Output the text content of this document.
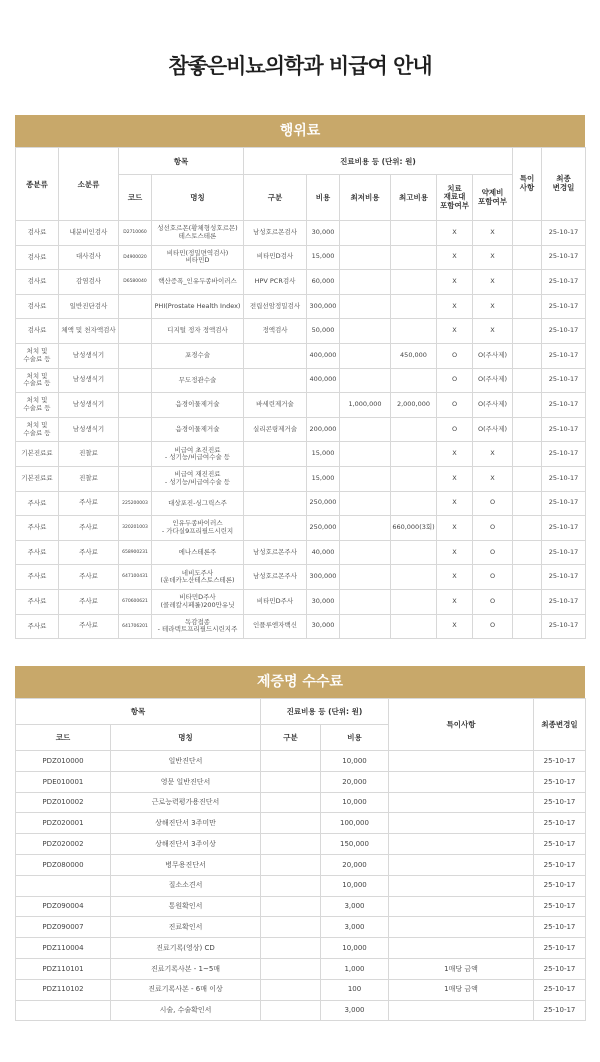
참좋은비뇨의학과 비급여 안내
행위료
종분류	소분류	항목		진료비용 등 (단위: 원)						특이
사항	최종
변경일
		코드	명칭	구분	비용	최저비용	최고비용	치료
재료대
포함여부	약제비
포함여부		
검사료	내분비인검사	D2710060	성선호르몬(황체형성호르몬)
테스토스테론	남성호르몬검사	30,000			X	X		25-10-17
검사료	대사검사	D4900020	비타민(정밀면역검사)
비타민D	비타민D검사	15,000			X	X		25-10-17
검사료	감염검사	D6580040	핵산증폭_인유두종바이러스	HPV PCR검사	60,000			X	X		25-10-17
검사료	일반진단검사		PHI(Prostate Health Index)	전립선암정밀검사	300,000			X	X		25-10-17
검사료	체액 및 천자액검사		디지털 정자 정액검사	정액검사	50,000			X	X		25-10-17
처치 및
수술료 등	남성생식기		포경수술		400,000		450,000	O	O(주사제)		25-10-17
처치 및
수술료 등	남성생식기		무도정관수술		400,000			O	O(주사제)		25-10-17
처치 및
수술료 등	남성생식기		음경이물제거술	바세린제거술		1,000,000	2,000,000	O	O(주사제)		25-10-17
처치 및
수술료 등	남성생식기		음경이물제거술	실리콘링제거술	200,000			O	O(주사제)		25-10-17
기본진료료	진찰료		비급여 초진진료
- 성기능/비급여수술 등		15,000			X	X		25-10-17
기본진료료	진찰료		비급여 재진진료
- 성기능/비급여수술 등		15,000			X	X		25-10-17
주사료	주사료	225200003	대상포진-싱그릭스주		250,000			X	O		25-10-17
주사료	주사료	320201003	인유두종바이러스
- 가다실9프리필드시린지		250,000		660,000(3회)	X	O		25-10-17
주사료	주사료	658900231	에나스테론주	남성호르몬주사	40,000			X	O		25-10-17
주사료	주사료	647100431	네비도주사
(운데카노산테스토스테론)	남성호르몬주사	300,000			X	O		25-10-17
주사료	주사료	670600621	비타민D주사
(콜레칼시페롤)200만유닛	비타민D주사	30,000			X	O		25-10-17
주사료	주사료	641706201	독감접종
- 테라텍트프리필드시린지주	인플루엔자백신	30,000			X	O		25-10-17
제증명 수수료
항목		진료비용 등 (단위: 원)		특이사항	최종변경일
코드	명칭	구분	비용		
PDZ010000	일반진단서		10,000		25-10-17
PDE010001	영문 일반진단서		20,000		25-10-17
PDZ010002	근로능력평가용진단서		10,000		25-10-17
PDZ020001	상해진단서 3주미만		100,000		25-10-17
PDZ020002	상해진단서 3주이상		150,000		25-10-17
PDZ080000	병무용진단서		20,000		25-10-17
	질소소견서		10,000		25-10-17
PDZ090004	통원확인서		3,000		25-10-17
PDZ090007	진료확인서		3,000		25-10-17
PDZ110004	진료기록(영상) CD		10,000		25-10-17
PDZ110101	진료기록사본 - 1~5매		1,000	1매당 금액	25-10-17
PDZ110102	진료기록사본 - 6매 이상		100	1매당 금액	25-10-17
	시술, 수술확인서		3,000		25-10-17
